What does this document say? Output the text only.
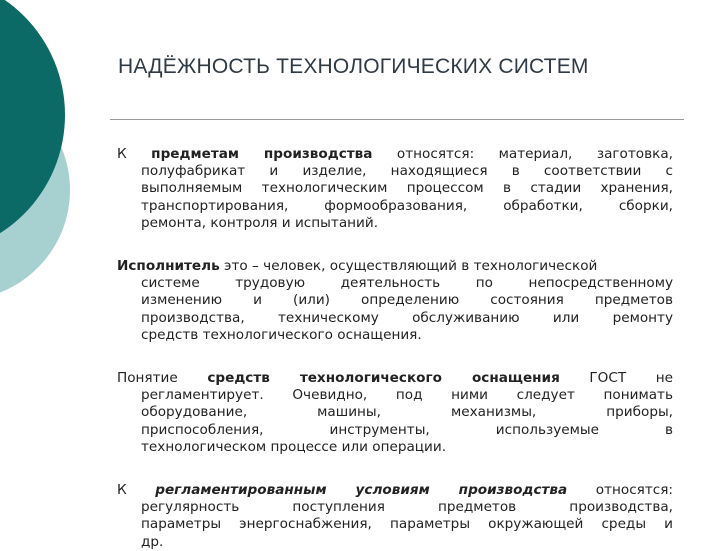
НАДЁЖНОСТЬ ТЕХНОЛОГИЧЕСКИХ СИСТЕМ
К предметам производства относятся: материал, заготовка,
полуфабрикат и изделие, находящиеся в соответствии с
выполняемым технологическим процессом в стадии хранения,
транспортирования, формообразования, обработки, сборки,
ремонта, контроля и испытаний.
Исполнитель это – человек, осуществляющий в технологической
системе трудовую деятельность по непосредственному
изменению и (или) определению состояния предметов
производства, техническому обслуживанию или ремонту
средств технологического оснащения.
Понятие средств технологического оснащения ГОСТ не
регламентирует. Очевидно, под ними следует понимать
оборудование, машины, механизмы, приборы,
приспособления, инструменты, используемые в
технологическом процессе или операции.
К регламентированным условиям производства относятся:
регулярность поступления предметов производства,
параметры энергоснабжения, параметры окружающей среды и
др.
